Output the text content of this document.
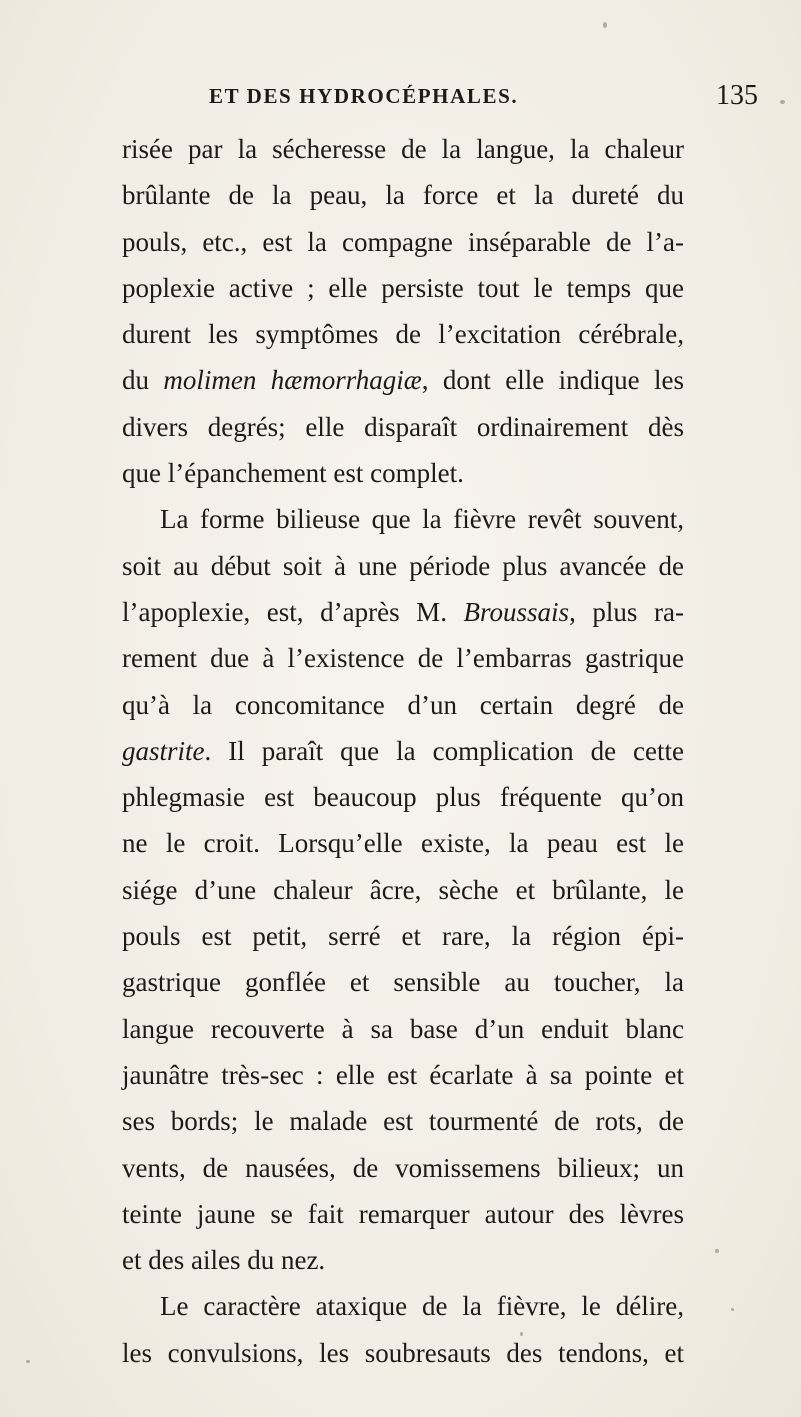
ET DES HYDROCÉPHALES.	135
risée par la sécheresse de la langue, la chaleur
brûlante de la peau, la force et la dureté du
pouls, etc., est la compagne inséparable de l’a-
poplexie active ; elle persiste tout le temps que
durent les symptômes de l’excitation cérébrale,
du molimen hæmorrhagiæ, dont elle indique les
divers degrés; elle disparaît ordinairement dès
que l’épanchement est complet.
La forme bilieuse que la fièvre revêt souvent,
soit au début soit à une période plus avancée de
l’apoplexie, est, d’après M. Broussais, plus ra-
rement due à l’existence de l’embarras gastrique
qu’à la concomitance d’un certain degré de
gastrite. Il paraît que la complication de cette
phlegmasie est beaucoup plus fréquente qu’on
ne le croit. Lorsqu’elle existe, la peau est le
siége d’une chaleur âcre, sèche et brûlante, le
pouls est petit, serré et rare, la région épi-
gastrique gonflée et sensible au toucher, la
langue recouverte à sa base d’un enduit blanc
jaunâtre très-sec : elle est écarlate à sa pointe et
ses bords; le malade est tourmenté de rots, de
vents, de nausées, de vomissemens bilieux; un
teinte jaune se fait remarquer autour des lèvres
et des ailes du nez.
Le caractère ataxique de la fièvre, le délire,
les convulsions, les soubresauts des tendons, et
